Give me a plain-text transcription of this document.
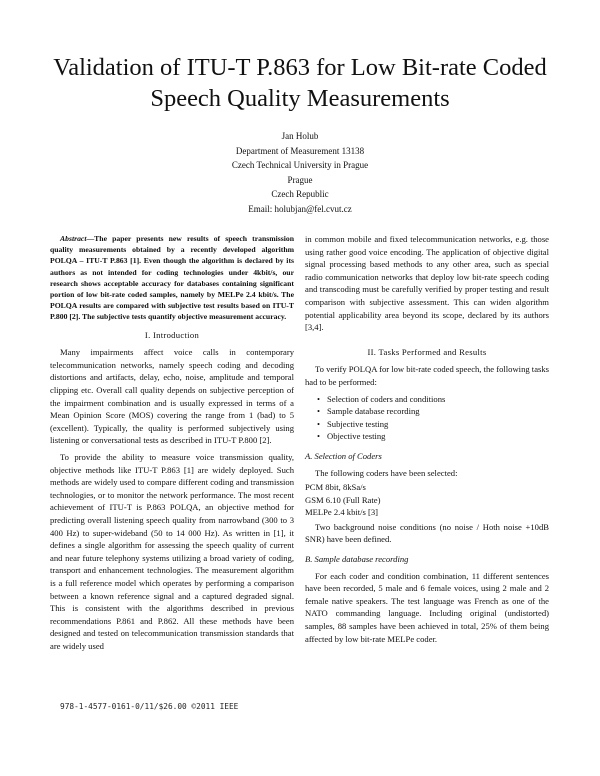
Validation of ITU-T P.863 for Low Bit-rate Coded Speech Quality Measurements
Jan Holub
Department of Measurement 13138
Czech Technical University in Prague
Prague
Czech Republic
Email: holubjan@fel.cvut.cz

Abstract—The paper presents new results of speech transmission quality measurements obtained by a recently developed algorithm POLQA – ITU-T P.863 [1]. Even though the algorithm is declared by its authors as not intended for coding technologies under 4kbit/s, our research shows acceptable accuracy for databases containing significant portion of low bit-rate coded samples, namely by MELPe 2.4 kbit/s. The POLQA results are compared with subjective test results based on ITU-T P.800 [2]. The subjective tests quantify objective measurement accuracy.

I. Introduction

Many impairments affect voice calls in contemporary telecommunication networks, namely speech coding and decoding distortions and artifacts, delay, echo, noise, amplitude and temporal clipping etc. Overall call quality depends on subjective perception of the impairment combination and is usually expressed in terms of a Mean Opinion Score (MOS) covering the range from 1 (bad) to 5 (excellent). Typically, the quality is performed subjectively using listening or conversational tests as described in ITU-T P.800 [2].

To provide the ability to measure voice transmission quality, objective methods like ITU-T P.863 [1] are widely deployed. Such methods are widely used to compare different coding and transmission technologies, or to monitor the network performance. The most recent achievement of ITU-T is P.863 POLQA, an objective method for predicting overall listening speech quality from narrowband (300 to 3 400 Hz) to super-wideband (50 to 14 000 Hz). As written in [1], it defines a single algorithm for assessing the speech quality of current and near future telephony systems utilizing a broad variety of coding, transport and enhancement technologies. The measurement algorithm is a full reference model which operates by performing a comparison between a known reference signal and a captured degraded signal. This is consistent with the algorithms described in previous recommendations P.861 and P.862. All these methods have been designed and tested on telecommunication transmission standards that are widely used

in common mobile and fixed telecommunication networks, e.g. those using rather good voice encoding. The application of objective digital signal processing based methods to any other area, such as special radio communication networks that deploy low bit-rate speech coding and transcoding must be carefully verified by proper testing and result comparison with subjective assessment. This can widen algorithm potential applicability area beyond its scope, declared by its authors [3,4].

II. Tasks Performed and Results

To verify POLQA for low bit-rate coded speech, the following tasks had to be performed:

• Selection of coders and conditions
• Sample database recording
• Subjective testing
• Objective testing
A. Selection of Coders

The following coders have been selected:

PCM 8bit, 8kSa/s
GSM 6.10 (Full Rate)
MELPe 2.4 kbit/s [3]

Two background noise conditions (no noise / Hoth noise +10dB SNR) have been defined.

B. Sample database recording

For each coder and condition combination, 11 different sentences have been recorded, 5 male and 6 female voices, using 2 male and 2 female native speakers. The test language was French as one of the NATO commanding language. Including original (undistorted) samples, 88 samples have been achieved in total, 25% of them being affected by low bit-rate MELPe coder.

978-1-4577-0161-0/11/$26.00 ©2011 IEEE
